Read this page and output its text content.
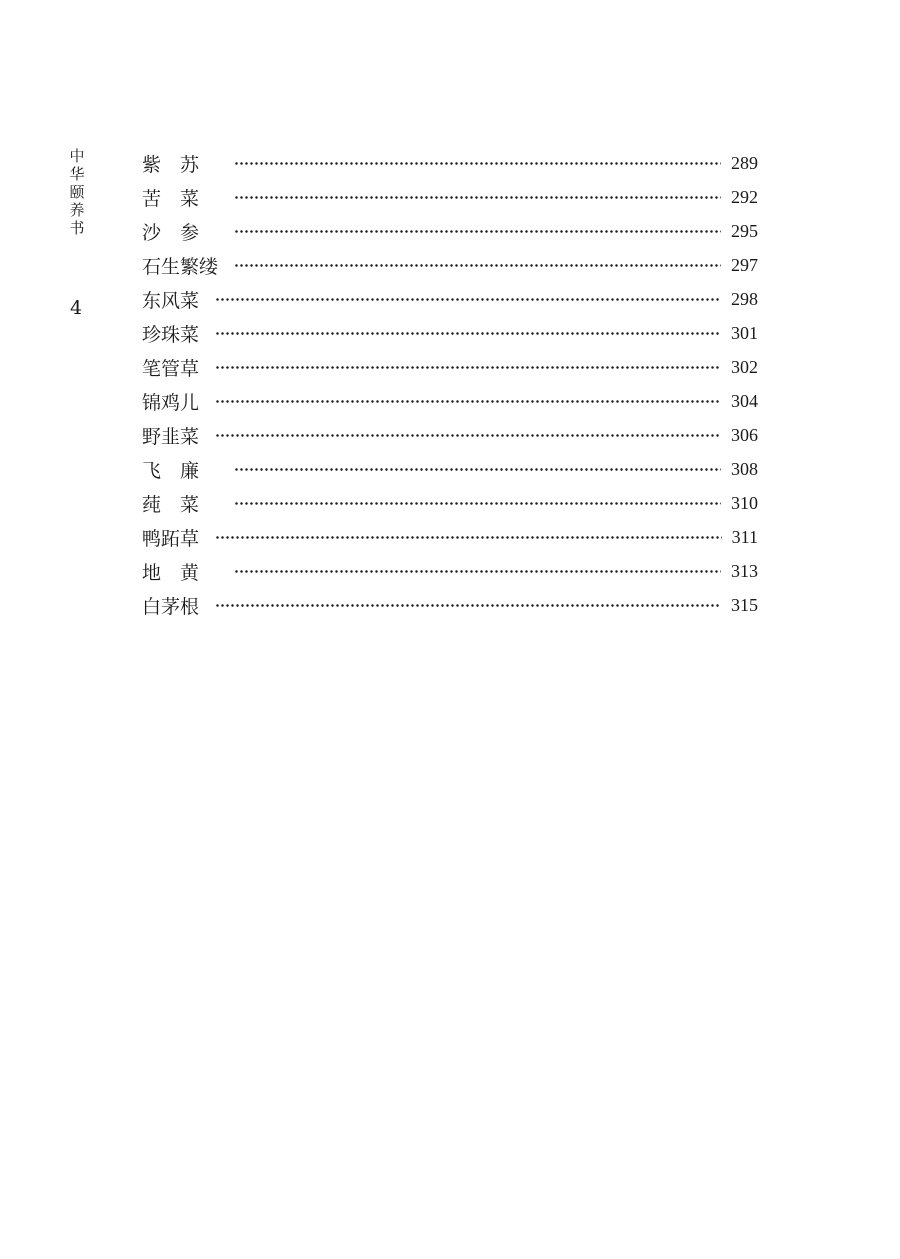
中
华
颐
养
书
4
紫苏	289
苦菜	292
沙参	295
石生繁缕	297
东风菜	298
珍珠菜	301
笔管草	302
锦鸡儿	304
野韭菜	306
飞廉	308
莼菜	310
鸭跖草	311
地黄	313
白茅根	315
